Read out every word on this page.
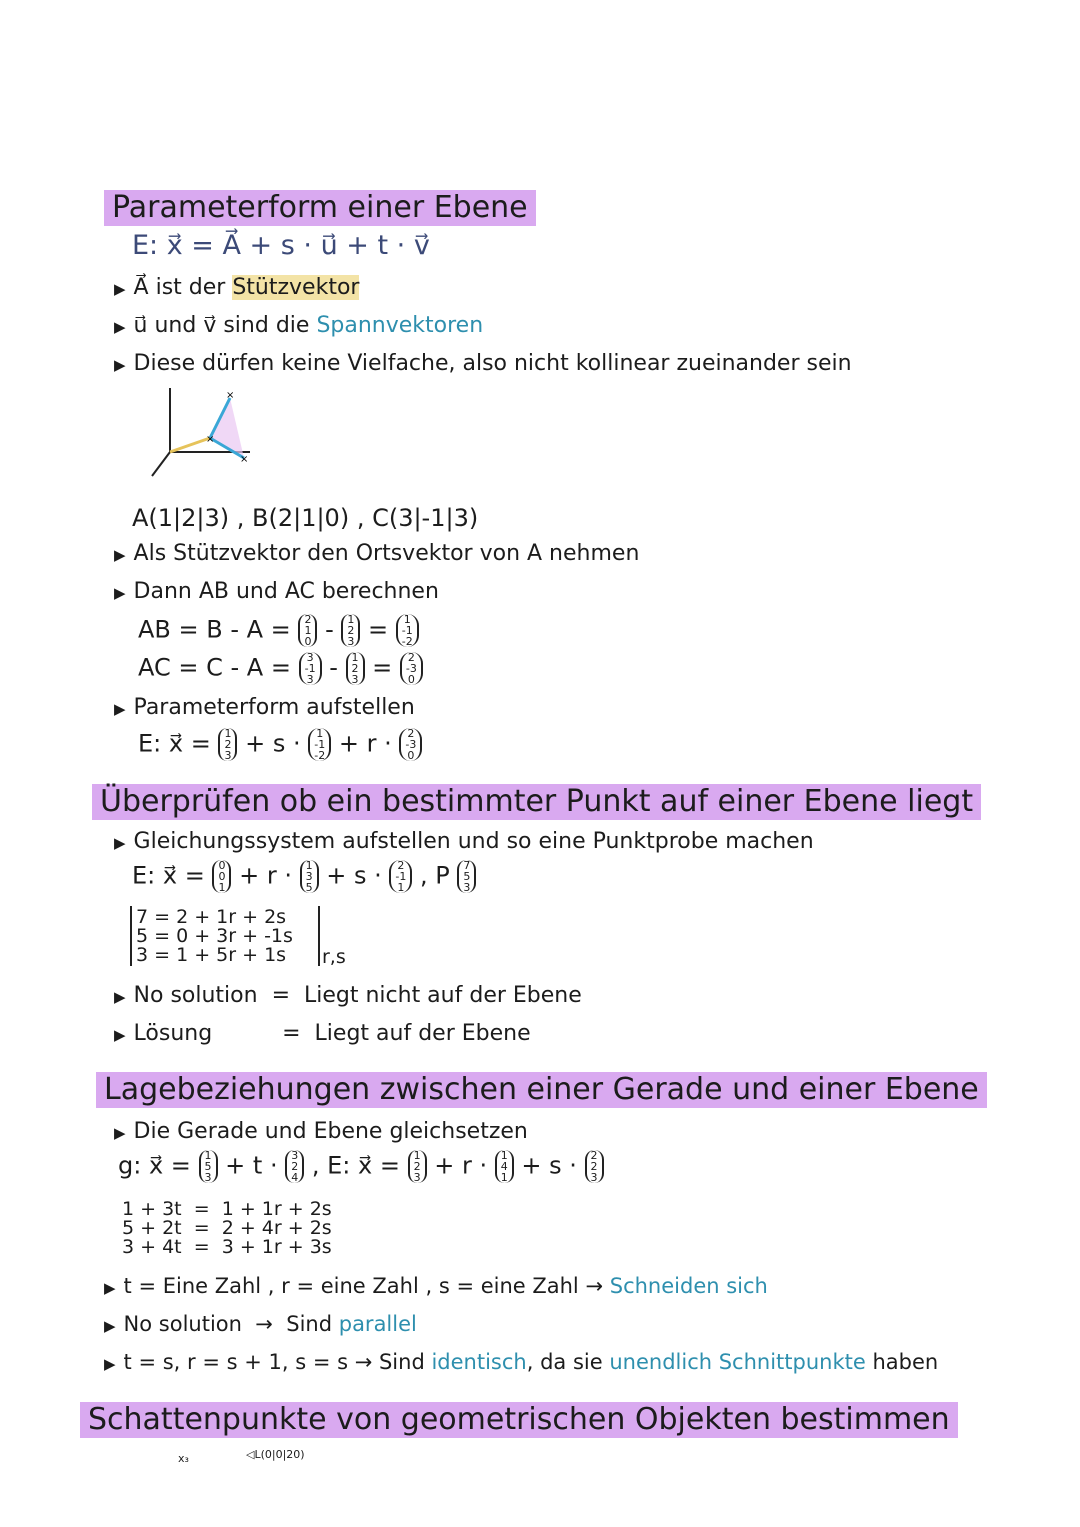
Parameterform einer Ebene
E: x⃗ = A⃗ + s · u⃗ + t · v⃗
▶ A⃗ ist der Stützvektor
▶ u⃗ und v⃗ sind die Spannvektoren
▶ Diese dürfen keine Vielfache, also nicht kollinear zueinander sein
×
×
×
A(1|2|3) , B(2|1|0) , C(3|-1|3)
▶ Als Stützvektor den Ortsvektor von A nehmen
▶ Dann AB und AC berechnen
AB = B - A = 2
1
0 - 1
2
3 = 1
-1
-2
AC = C - A = 3
-1
3 - 1
2
3 = 2
-3
0
▶ Parameterform aufstellen
E: x⃗ = 1
2
3 + s · 1
-1
-2 + r · 2
-3
0
Überprüfen ob ein bestimmter Punkt auf einer Ebene liegt
▶ Gleichungssystem aufstellen und so eine Punktprobe machen
E: x⃗ = 0
0
1 + r · 1
3
5 + s · 2
-1
1 , P 7
5
3
7 = 2 + 1r + 2s
5 = 0 + 3r + -1s
3 = 1 + 5r + 1s r,s
▶ No solution  =  Liegt nicht auf der Ebene
▶ Lösung          =  Liegt auf der Ebene
Lagebeziehungen zwischen einer Gerade und einer Ebene
▶ Die Gerade und Ebene gleichsetzen
g: x⃗ = 1
5
3 + t · 3
2
4 , E: x⃗ = 1
2
3 + r · 1
4
1 + s · 2
2
3
1 + 3t  =  1 + 1r + 2s
5 + 2t  =  2 + 4r + 2s
3 + 4t  =  3 + 1r + 3s
▶ t = Eine Zahl , r = eine Zahl , s = eine Zahl → Schneiden sich
▶ No solution  →  Sind parallel
▶ t = s, r = s + 1, s = s → Sind identisch, da sie unendlich Schnittpunkte haben
Schattenpunkte von geometrischen Objekten bestimmen
x₃	◁L(0|0|20)
